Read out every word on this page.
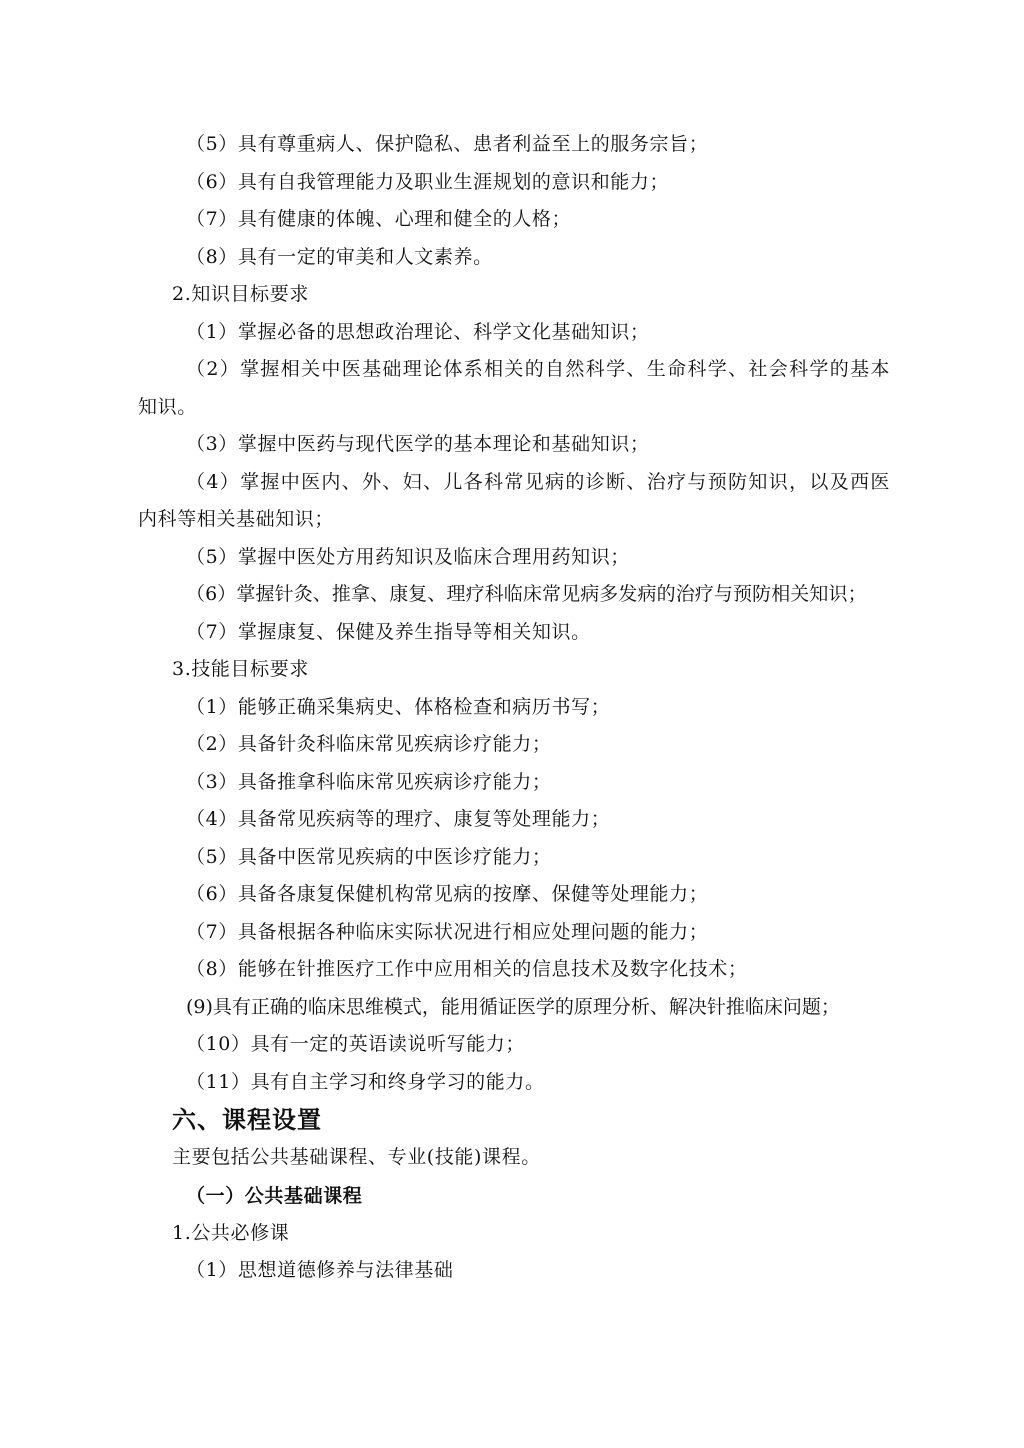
（5）具有尊重病人、保护隐私、患者利益至上的服务宗旨；
（6）具有自我管理能力及职业生涯规划的意识和能力；
（7）具有健康的体魄、心理和健全的人格；
（8）具有一定的审美和人文素养。
2.知识目标要求
（1）掌握必备的思想政治理论、科学文化基础知识；
（2）掌握相关中医基础理论体系相关的自然科学、生命科学、社会科学的基本
知识。
（3）掌握中医药与现代医学的基本理论和基础知识；
（4）掌握中医内、外、妇、儿各科常见病的诊断、治疗与预防知识，以及西医
内科等相关基础知识；
（5）掌握中医处方用药知识及临床合理用药知识；
（6）掌握针灸、推拿、康复、理疗科临床常见病多发病的治疗与预防相关知识；
（7）掌握康复、保健及养生指导等相关知识。
3.技能目标要求
（1）能够正确采集病史、体格检查和病历书写；
（2）具备针灸科临床常见疾病诊疗能力；
（3）具备推拿科临床常见疾病诊疗能力；
（4）具备常见疾病等的理疗、康复等处理能力；
（5）具备中医常见疾病的中医诊疗能力；
（6）具备各康复保健机构常见病的按摩、保健等处理能力；
（7）具备根据各种临床实际状况进行相应处理问题的能力；
（8）能够在针推医疗工作中应用相关的信息技术及数字化技术；
(9)具有正确的临床思维模式，能用循证医学的原理分析、解决针推临床问题；
（10）具有一定的英语读说听写能力；
（11）具有自主学习和终身学习的能力。
六、课程设置
主要包括公共基础课程、专业(技能)课程。
（一）公共基础课程
1.公共必修课
（1）思想道德修养与法律基础
